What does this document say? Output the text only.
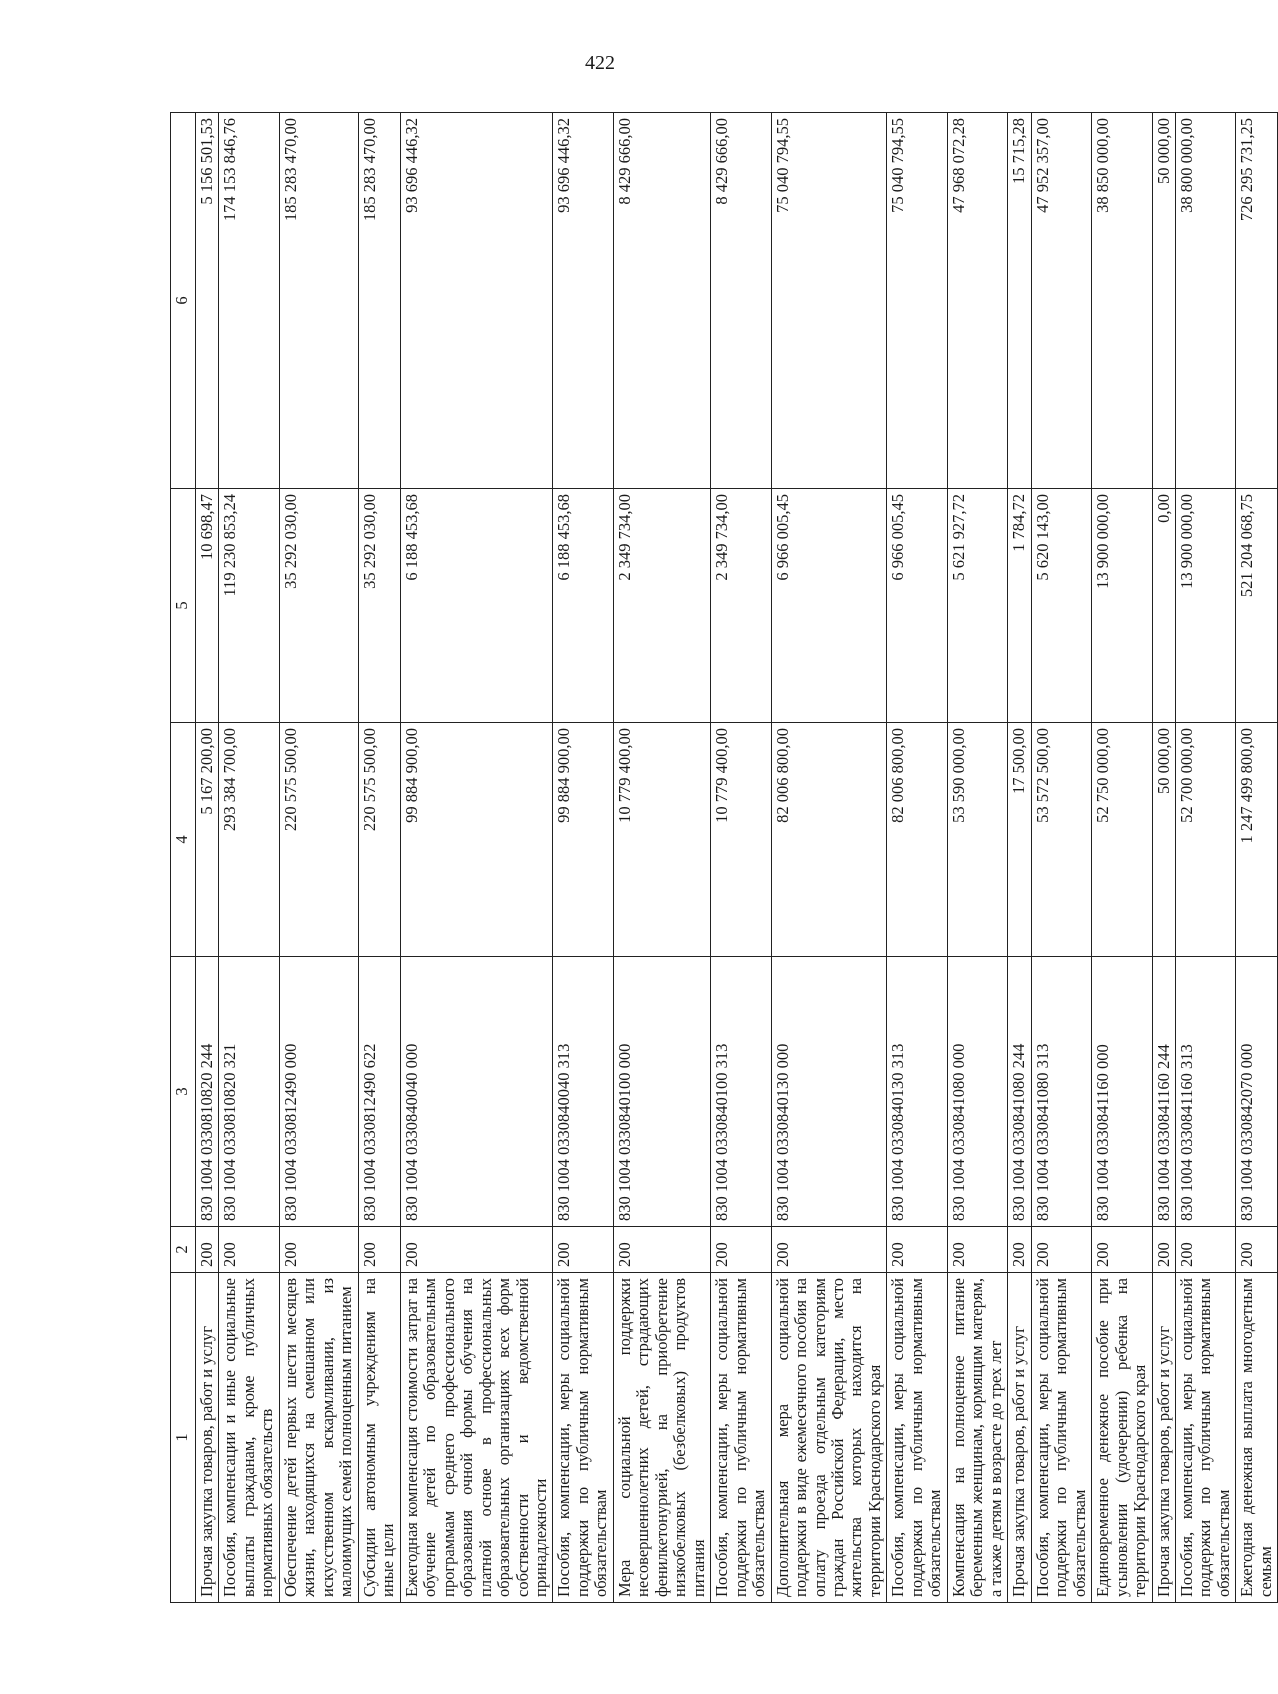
422
1	2	3	4	5	6
Прочая закупка товаров, работ и услуг	200	830 1004 0330810820 244	5 167 200,00	10 698,47	5 156 501,53
Пособия, компенсации и иные социальные выплаты гражданам, кроме публичных нормативных обязательств	200	830 1004 0330810820 321	293 384 700,00	119 230 853,24	174 153 846,76
Обеспечение детей первых шести месяцев жизни, находящихся на смешанном или искусственном вскармливании, из малоимущих семей полноценным питанием	200	830 1004 0330812490 000	220 575 500,00	35 292 030,00	185 283 470,00
Субсидии автономным учреждениям на иные цели	200	830 1004 0330812490 622	220 575 500,00	35 292 030,00	185 283 470,00
Ежегодная компенсация стоимости затрат на обучение детей по образовательным программам среднего профессионального образования очной формы обучения на платной основе в профессиональных образовательных организациях всех форм собственности и ведомственной принадлежности	200	830 1004 0330840040 000	99 884 900,00	6 188 453,68	93 696 446,32
Пособия, компенсации, меры социальной поддержки по публичным нормативным обязательствам	200	830 1004 0330840040 313	99 884 900,00	6 188 453,68	93 696 446,32
Мера социальной поддержки несовершеннолетних детей, страдающих фенилкетонурией, на приобретение низкобелковых (безбелковых) продуктов питания	200	830 1004 0330840100 000	10 779 400,00	2 349 734,00	8 429 666,00
Пособия, компенсации, меры социальной поддержки по публичным нормативным обязательствам	200	830 1004 0330840100 313	10 779 400,00	2 349 734,00	8 429 666,00
Дополнительная мера социальной поддержки в виде ежемесячного пособия на оплату проезда отдельным категориям граждан Российской Федерации, место жительства которых находится на территории Краснодарского края	200	830 1004 0330840130 000	82 006 800,00	6 966 005,45	75 040 794,55
Пособия, компенсации, меры социальной поддержки по публичным нормативным обязательствам	200	830 1004 0330840130 313	82 006 800,00	6 966 005,45	75 040 794,55
Компенсация на полноценное питание беременным женщинам, кормящим матерям, а также детям в возрасте до трех лет	200	830 1004 0330841080 000	53 590 000,00	5 621 927,72	47 968 072,28
Прочая закупка товаров, работ и услуг	200	830 1004 0330841080 244	17 500,00	1 784,72	15 715,28
Пособия, компенсации, меры социальной поддержки по публичным нормативным обязательствам	200	830 1004 0330841080 313	53 572 500,00	5 620 143,00	47 952 357,00
Единовременное денежное пособие при усыновлении (удочерении) ребенка на территории Краснодарского края	200	830 1004 0330841160 000	52 750 000,00	13 900 000,00	38 850 000,00
Прочая закупка товаров, работ и услуг	200	830 1004 0330841160 244	50 000,00	0,00	50 000,00
Пособия, компенсации, меры социальной поддержки по публичным нормативным обязательствам	200	830 1004 0330841160 313	52 700 000,00	13 900 000,00	38 800 000,00
Ежегодная денежная выплата многодетным семьям	200	830 1004 0330842070 000	1 247 499 800,00	521 204 068,75	726 295 731,25
